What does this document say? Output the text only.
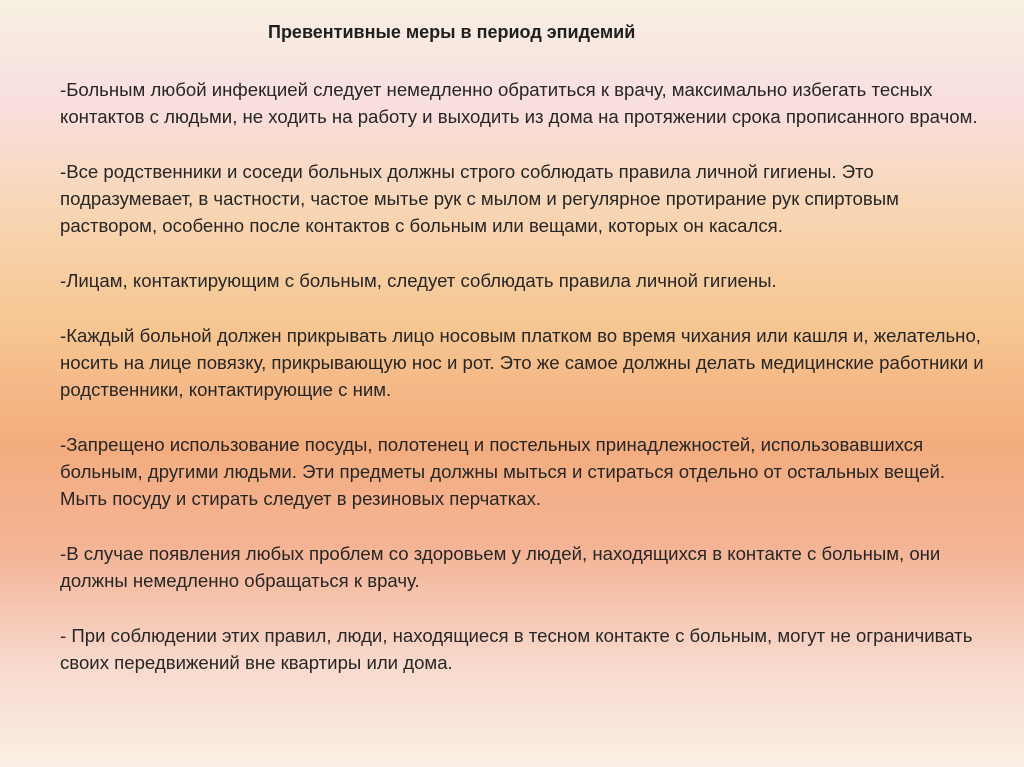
Превентивные меры в период эпидемий

-Больным любой инфекцией следует немедленно обратиться к врачу, максимально избегать тесных контактов с людьми, не ходить на работу и выходить из дома на протяжении срока прописанного врачом.

-Все родственники и соседи больных должны строго соблюдать правила личной гигиены. Это подразумевает, в частности, частое мытье рук с мылом и регулярное протирание рук спиртовым раствором, особенно после контактов с больным или вещами, которых он касался.

-Лицам, контактирующим с больным, следует соблюдать правила личной гигиены.

-Каждый больной должен прикрывать лицо носовым платком во время чихания или кашля и, желательно, носить на лице повязку, прикрывающую нос и рот. Это же самое должны делать медицинские работники и родственники, контактирующие с ним.

-Запрещено использование посуды, полотенец и постельных принадлежностей, использовавшихся больным, другими людьми. Эти предметы должны мыться и стираться отдельно от остальных вещей. Мыть посуду и стирать следует в резиновых перчатках.

-В случае появления любых проблем со здоровьем у людей, находящихся в контакте с больным, они должны немедленно обращаться к врачу.

- При соблюдении этих правил, люди, находящиеся в тесном контакте с больным, могут не ограничивать своих передвижений вне квартиры или дома.
